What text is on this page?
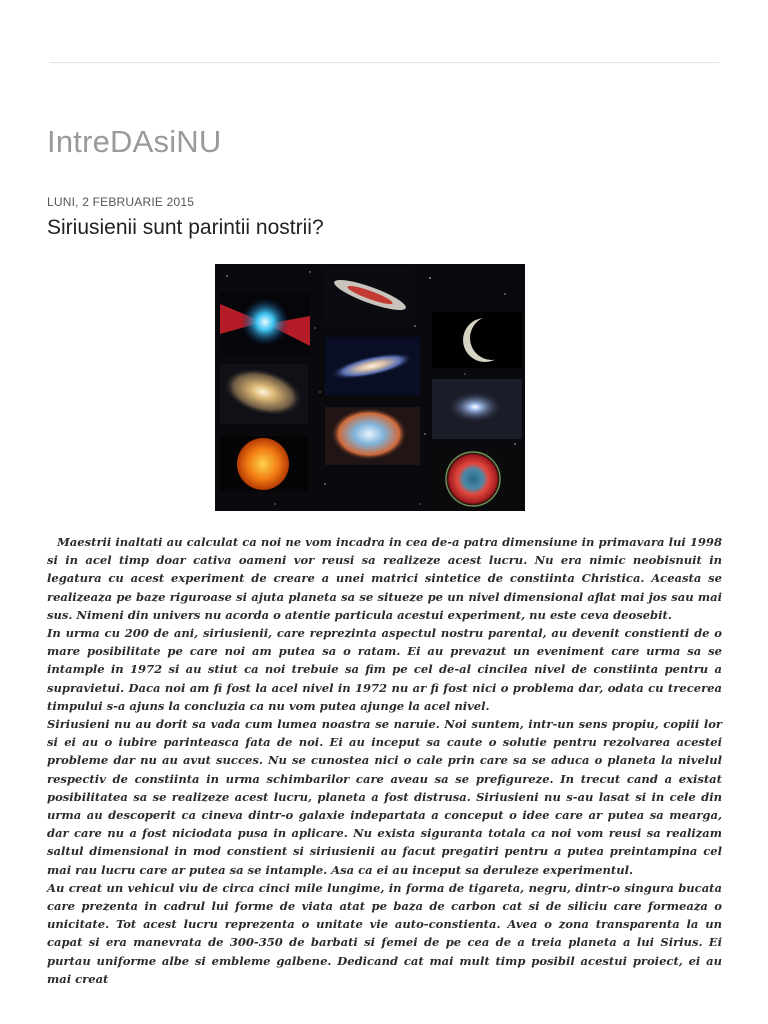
IntreDAsiNU
LUNI, 2 FEBRUARIE 2015
Siriusienii sunt parintii nostrii?

Maestrii inaltati au calculat ca noi ne vom incadra in cea de-a patra dimensiune in primavara lui 1998 si in acel timp doar cativa oameni vor reusi sa realizeze acest lucru. Nu era nimic neobisnuit in legatura cu acest experiment de creare a unei matrici sintetice de constiinta Christica. Aceasta se realizeaza pe baze riguroase si ajuta planeta sa se situeze pe un nivel dimensional aflat mai jos sau mai sus. Nimeni din univers nu acorda o atentie particula acestui experiment, nu este ceva deosebit.

In urma cu 200 de ani, siriusienii, care reprezinta aspectul nostru parental, au devenit constienti de o mare posibilitate pe care noi am putea sa o ratam. Ei au prevazut un eveniment care urma sa se intample in 1972 si au stiut ca noi trebuie sa fim pe cel de-al cincilea nivel de constiinta pentru a supravietui. Daca noi am fi fost la acel nivel in 1972 nu ar fi fost nici o problema dar, odata cu trecerea timpului s-a ajuns la concluzia ca nu vom putea ajunge la acel nivel.

Siriusieni nu au dorit sa vada cum lumea noastra se naruie. Noi suntem, intr-un sens propiu, copiii lor si ei au o iubire parinteasca fata de noi. Ei au inceput sa caute o solutie pentru rezolvarea acestei probleme dar nu au avut succes. Nu se cunostea nici o cale prin care sa se aduca o planeta la nivelul respectiv de constiinta in urma schimbarilor care aveau sa se prefigureze. In trecut cand a existat posibilitatea sa se realizeze acest lucru, planeta a fost distrusa. Siriusieni nu s-au lasat si in cele din urma au descoperit ca cineva dintr-o galaxie indepartata a conceput o idee care ar putea sa mearga, dar care nu a fost niciodata pusa in aplicare. Nu exista siguranta totala ca noi vom reusi sa realizam saltul dimensional in mod constient si siriusienii au facut pregatiri pentru a putea preintampina cel mai rau lucru care ar putea sa se intample. Asa ca ei au inceput sa deruleze experimentul.

Au creat un vehicul viu de circa cinci mile lungime, in forma de tigareta, negru, dintr-o singura bucata care prezenta in cadrul lui forme de viata atat pe baza de carbon cat si de siliciu care formeaza o unicitate. Tot acest lucru reprezenta o unitate vie auto-constienta. Avea o zona transparenta la un capat si era manevrata de 300-350 de barbati si femei de pe cea de a treia planeta a lui Sirius. Ei purtau uniforme albe si embleme galbene. Dedicand cat mai mult timp posibil acestui proiect, ei au mai creat
